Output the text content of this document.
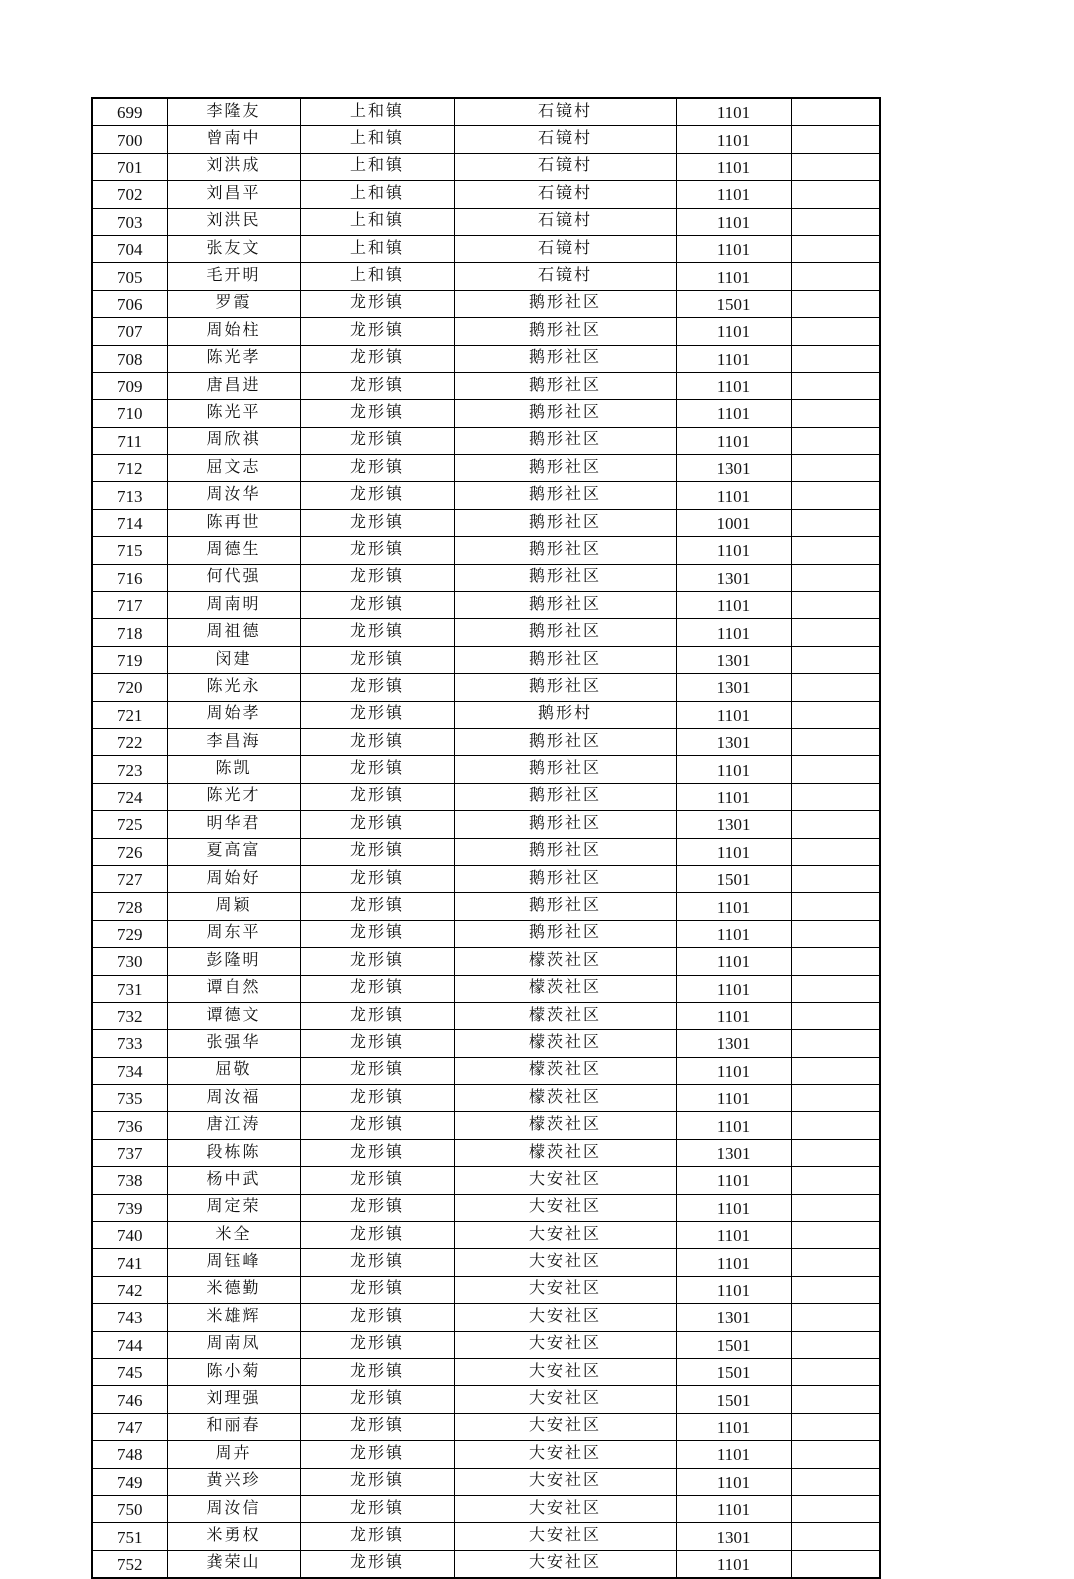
699	李隆友	上和镇	石镜村	1101	
700	曾南中	上和镇	石镜村	1101	
701	刘洪成	上和镇	石镜村	1101	
702	刘昌平	上和镇	石镜村	1101	
703	刘洪民	上和镇	石镜村	1101	
704	张友文	上和镇	石镜村	1101	
705	毛开明	上和镇	石镜村	1101	
706	罗霞	龙形镇	鹅形社区	1501	
707	周始柱	龙形镇	鹅形社区	1101	
708	陈光孝	龙形镇	鹅形社区	1101	
709	唐昌进	龙形镇	鹅形社区	1101	
710	陈光平	龙形镇	鹅形社区	1101	
711	周欣祺	龙形镇	鹅形社区	1101	
712	屈文志	龙形镇	鹅形社区	1301	
713	周汝华	龙形镇	鹅形社区	1101	
714	陈再世	龙形镇	鹅形社区	1001	
715	周德生	龙形镇	鹅形社区	1101	
716	何代强	龙形镇	鹅形社区	1301	
717	周南明	龙形镇	鹅形社区	1101	
718	周祖德	龙形镇	鹅形社区	1101	
719	闵建	龙形镇	鹅形社区	1301	
720	陈光永	龙形镇	鹅形社区	1301	
721	周始孝	龙形镇	鹅形村	1101	
722	李昌海	龙形镇	鹅形社区	1301	
723	陈凯	龙形镇	鹅形社区	1101	
724	陈光才	龙形镇	鹅形社区	1101	
725	明华君	龙形镇	鹅形社区	1301	
726	夏高富	龙形镇	鹅形社区	1101	
727	周始好	龙形镇	鹅形社区	1501	
728	周颖	龙形镇	鹅形社区	1101	
729	周东平	龙形镇	鹅形社区	1101	
730	彭隆明	龙形镇	檬茨社区	1101	
731	谭自然	龙形镇	檬茨社区	1101	
732	谭德文	龙形镇	檬茨社区	1101	
733	张强华	龙形镇	檬茨社区	1301	
734	屈敬	龙形镇	檬茨社区	1101	
735	周汝福	龙形镇	檬茨社区	1101	
736	唐江涛	龙形镇	檬茨社区	1101	
737	段栋陈	龙形镇	檬茨社区	1301	
738	杨中武	龙形镇	大安社区	1101	
739	周定荣	龙形镇	大安社区	1101	
740	米全	龙形镇	大安社区	1101	
741	周钰峰	龙形镇	大安社区	1101	
742	米德勤	龙形镇	大安社区	1101	
743	米雄辉	龙形镇	大安社区	1301	
744	周南凤	龙形镇	大安社区	1501	
745	陈小菊	龙形镇	大安社区	1501	
746	刘理强	龙形镇	大安社区	1501	
747	和丽春	龙形镇	大安社区	1101	
748	周卉	龙形镇	大安社区	1101	
749	黄兴珍	龙形镇	大安社区	1101	
750	周汝信	龙形镇	大安社区	1101	
751	米勇权	龙形镇	大安社区	1301	
752	龚荣山	龙形镇	大安社区	1101	
